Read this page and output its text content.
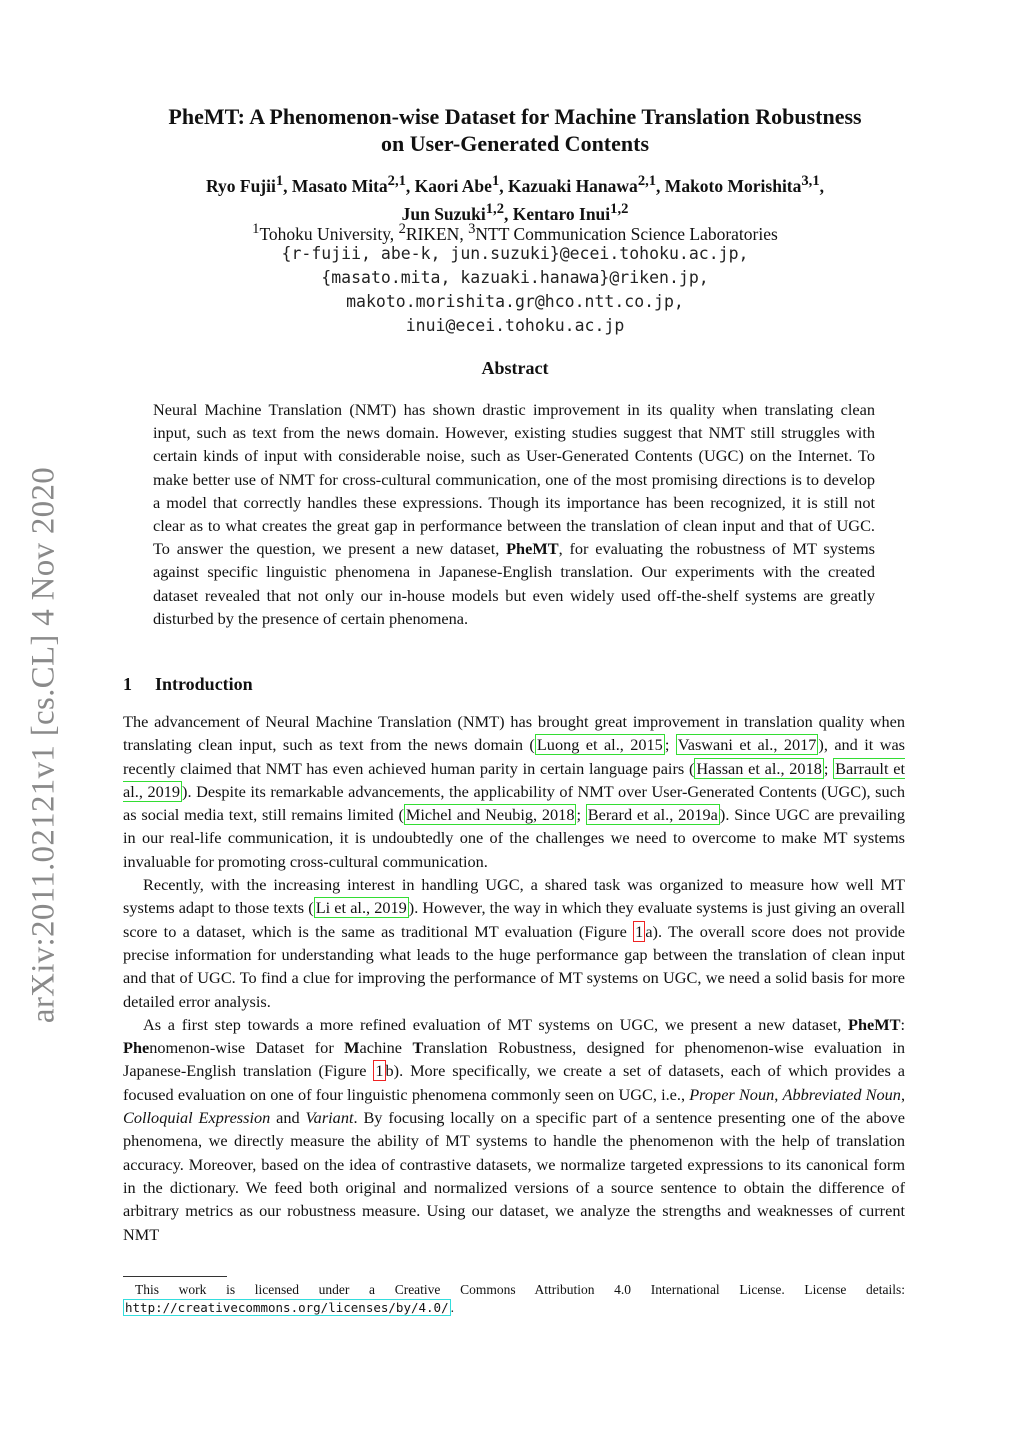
arXiv:2011.02121v1 [cs.CL] 4 Nov 2020
PheMT: A Phenomenon-wise Dataset for Machine Translation Robustness
on User-Generated Contents
Ryo Fujii$^1$, Masato Mita$^{2,1}$, Kaori Abe$^1$, Kazuaki Hanawa$^{2,1}$, Makoto Morishita$^{3,1}$,
Jun Suzuki$^{1,2}$, Kentaro Inui$^{1,2}$
$^1$Tohoku University, $^2$RIKEN, $^3$NTT Communication Science Laboratories
{r-fujii, abe-k, jun.suzuki}@ecei.tohoku.ac.jp,
{masato.mita, kazuaki.hanawa}@riken.jp,
makoto.morishita.gr@hco.ntt.co.jp,
inui@ecei.tohoku.ac.jp
Abstract
Neural Machine Translation (NMT) has shown drastic improvement in its quality when translating clean input, such as text from the news domain. However, existing studies suggest that NMT still struggles with certain kinds of input with considerable noise, such as User-Generated Contents (UGC) on the Internet. To make better use of NMT for cross-cultural communication, one of the most promising directions is to develop a model that correctly handles these expressions. Though its importance has been recognized, it is still not clear as to what creates the great gap in performance between the translation of clean input and that of UGC. To answer the question, we present a new dataset, PheMT, for evaluating the robustness of MT systems against specific linguistic phenomena in Japanese-English translation. Our experiments with the created dataset revealed that not only our in-house models but even widely used off-the-shelf systems are greatly disturbed by the presence of certain phenomena.
1 Introduction

The advancement of Neural Machine Translation (NMT) has brought great improvement in translation quality when translating clean input, such as text from the news domain ( Luong et al., 2015 ; Vaswani et al., 2017 ), and it was recently claimed that NMT has even achieved human parity in certain language pairs ( Hassan et al., 2018 ; Barrault et al., 2019 ). Despite its remarkable advancements, the applicability of NMT over User-Generated Contents (UGC), such as social media text, still remains limited ( Michel and Neubig, 2018 ; Berard et al., 2019a ). Since UGC are prevailing in our real-life communication, it is undoubtedly one of the challenges we need to overcome to make MT systems invaluable for promoting cross-cultural communication.

Recently, with the increasing interest in handling UGC, a shared task was organized to measure how well MT systems adapt to those texts ( Li et al., 2019 ). However, the way in which they evaluate systems is just giving an overall score to a dataset, which is the same as traditional MT evaluation (Figure 1 a). The overall score does not provide precise information for understanding what leads to the huge performance gap between the translation of clean input and that of UGC. To find a clue for improving the performance of MT systems on UGC, we need a solid basis for more detailed error analysis.

As a first step towards a more refined evaluation of MT systems on UGC, we present a new dataset, PheMT: Phenomenon-wise Dataset for Machine Translation Robustness, designed for phenomenon-wise evaluation in Japanese-English translation (Figure 1 b). More specifically, we create a set of datasets, each of which provides a focused evaluation on one of four linguistic phenomena commonly seen on UGC, i.e., Proper Noun, Abbreviated Noun, Colloquial Expression and Variant. By focusing locally on a specific part of a sentence presenting one of the above phenomena, we directly measure the ability of MT systems to handle the phenomenon with the help of translation accuracy. Moreover, based on the idea of contrastive datasets, we normalize targeted expressions to its canonical form in the dictionary. We feed both original and normalized versions of a source sentence to obtain the difference of arbitrary metrics as our robustness measure. Using our dataset, we analyze the strengths and weaknesses of current NMT

This work is licensed under a Creative Commons Attribution 4.0 International License. License details: http://creativecommons.org/licenses/by/4.0/ .
